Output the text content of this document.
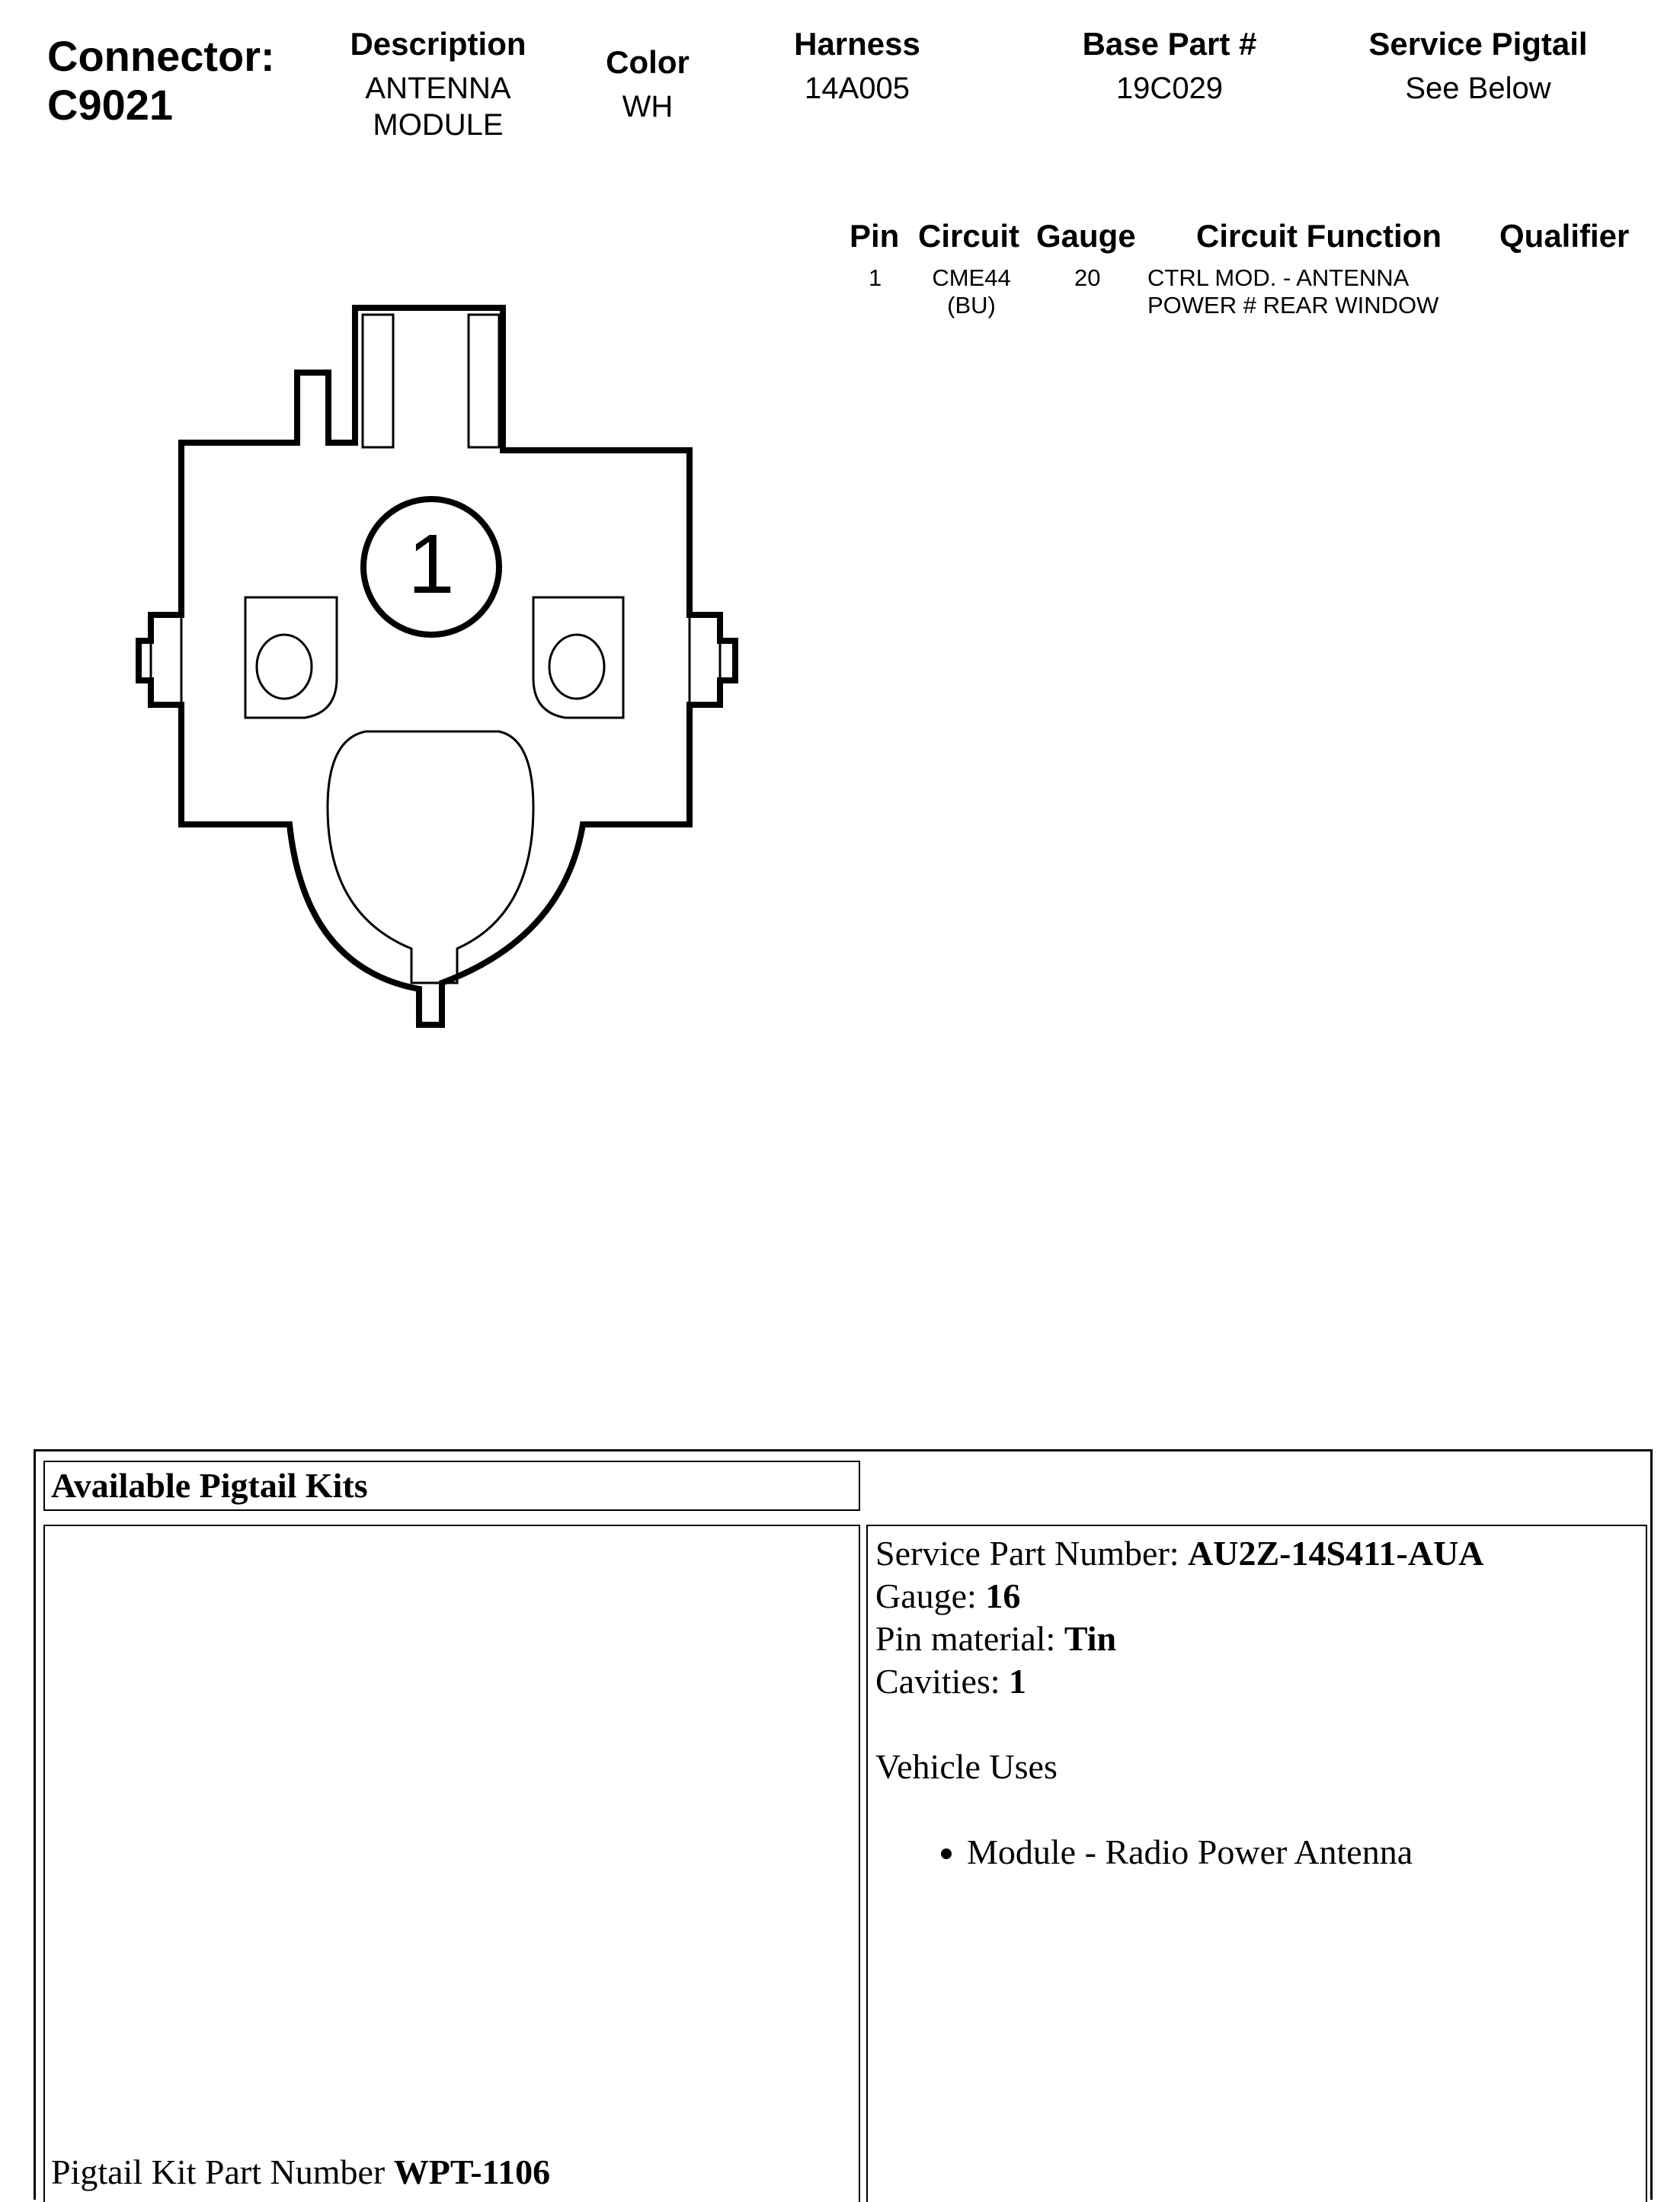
Connector:
C9021
Description
ANTENNA
MODULE
Color
WH
Harness
14A005
Base Part #
19C029
Service Pigtail
See Below
Pin Circuit Gauge Circuit Function Qualifier
1	CME44
(BU)
20 CTRL MOD. - ANTENNA
POWER # REAR WINDOW
1
Available Pigtail Kits
Pigtail Kit Part Number WPT-1106
Service Part Number: AU2Z-14S411-AUA
Gauge: 16
Pin material: Tin
Cavities: 1
Vehicle Uses
• Module - Radio Power Antenna
